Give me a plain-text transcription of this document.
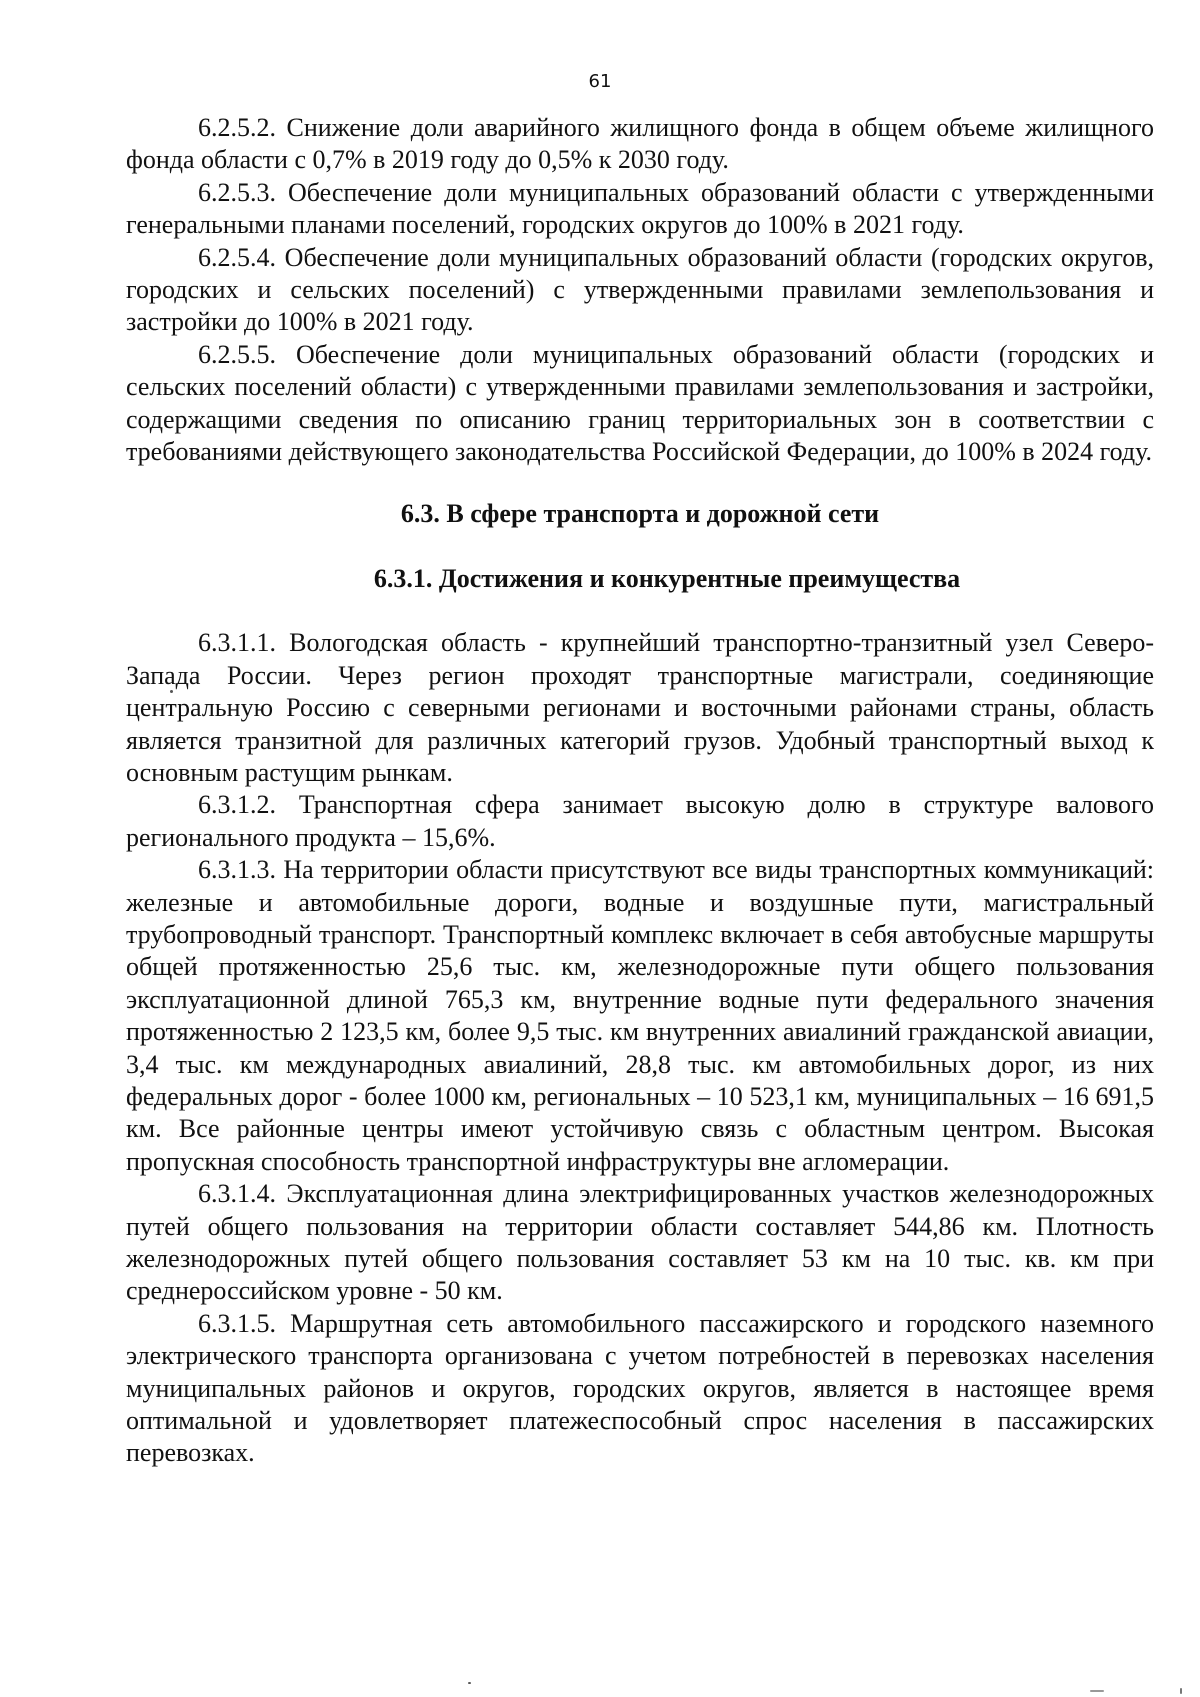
61

6.2.5.2. Снижение доли аварийного жилищного фонда в общем объеме жилищного фонда области с 0,7% в 2019 году до 0,5% к 2030 году.

6.2.5.3. Обеспечение доли муниципальных образований области с утвержденными генеральными планами поселений, городских округов до 100% в 2021 году.

6.2.5.4. Обеспечение доли муниципальных образований области (городских округов, городских и сельских поселений) с утвержденными правилами землепользования и застройки до 100% в 2021 году.

6.2.5.5. Обеспечение доли муниципальных образований области (городских и сельских поселений области) с утвержденными правилами землепользования и застройки, содержащими сведения по описанию границ территориальных зон в соответствии с требованиями действующего законодательства Российской Федерации, до 100% в 2024 году.

6.3. В сфере транспорта и дорожной сети
6.3.1. Достижения и конкурентные преимущества

6.3.1.1. Вологодская область - крупнейший транспортно-транзитный узел Северо-Запада России. Через регион проходят транспортные магистрали, соединяющие центральную Россию с северными регионами и восточными районами страны, область является транзитной для различных категорий грузов. Удобный транспортный выход к основным растущим рынкам.

6.3.1.2. Транспортная сфера занимает высокую долю в структуре валового регионального продукта – 15,6%.

6.3.1.3. На территории области присутствуют все виды транспортных коммуникаций: железные и автомобильные дороги, водные и воздушные пути, магистральный трубопроводный транспорт. Транспортный комплекс включает в себя автобусные маршруты общей протяженностью 25,6 тыс. км, железнодорожные пути общего пользования эксплуатационной длиной 765,3 км, внутренние водные пути федерального значения протяженностью 2 123,5 км, более 9,5 тыс. км внутренних авиалиний гражданской авиации, 3,4 тыс. км международных авиалиний, 28,8 тыс. км автомобильных дорог, из них федеральных дорог - более 1000 км, региональных – 10 523,1 км, муниципальных – 16 691,5 км. Все районные центры имеют устойчивую связь с областным центром. Высокая пропускная способность транспортной инфраструктуры вне агломерации.

6.3.1.4. Эксплуатационная длина электрифицированных участков железнодорожных путей общего пользования на территории области составляет 544,86 км. Плотность железнодорожных путей общего пользования составляет 53 км на 10 тыс. кв. км при среднероссийском уровне - 50 км.

6.3.1.5. Маршрутная сеть автомобильного пассажирского и городского наземного электрического транспорта организована с учетом потребностей в перевозках населения муниципальных районов и округов, городских округов, является в настоящее время оптимальной и удовлетворяет платежеспособный спрос населения в пассажирских перевозках.
